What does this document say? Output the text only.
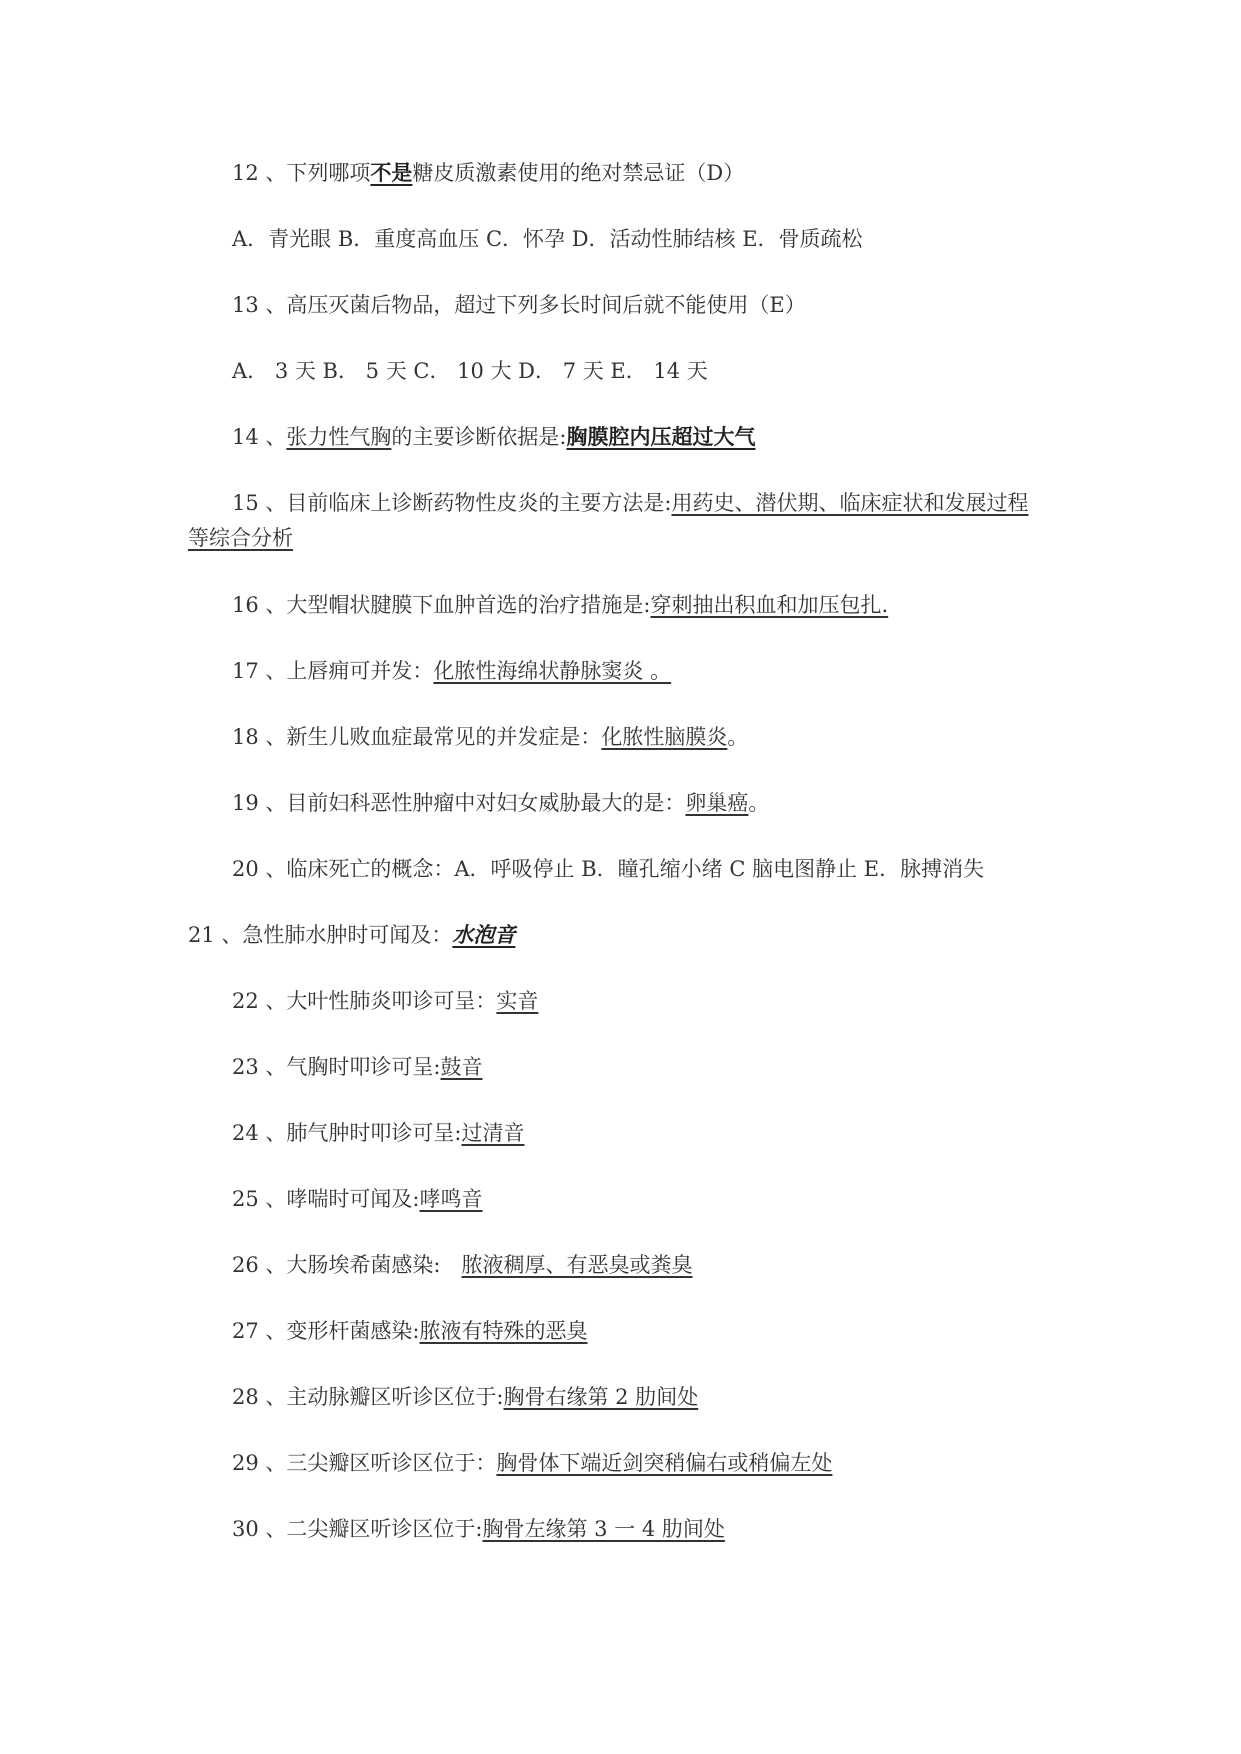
12 、下列哪项不是糖皮质激素使用的绝对禁忌证（D）
A．青光眼 B．重度高血压 C．怀孕 D．活动性肺结核 E．骨质疏松
13 、高压灭菌后物品，超过下列多长时间后就不能使用（E）
A． 3 天 B． 5 天 C． 10 大 D． 7 天 E． 14 天
14 、张力性气胸的主要诊断依据是:胸膜腔内压超过大气
15 、目前临床上诊断药物性皮炎的主要方法是:用药史、潜伏期、临床症状和发展过程
等综合分析
16 、大型帽状腱膜下血肿首选的治疗措施是:穿刺抽出积血和加压包扎.
17 、上唇痈可并发：化脓性海绵状静脉窦炎 。
18 、新生儿败血症最常见的并发症是：化脓性脑膜炎。
19 、目前妇科恶性肿瘤中对妇女威胁最大的是：卵巢癌。
20 、临床死亡的概念：A．呼吸停止 B．瞳孔缩小绪 C 脑电图静止 E．脉搏消失
21 、急性肺水肿时可闻及：水泡音
22 、大叶性肺炎叩诊可呈：实音
23 、气胸时叩诊可呈:鼓音
24 、肺气肿时叩诊可呈:过清音
25 、哮喘时可闻及:哮鸣音
26 、大肠埃希菌感染:　脓液稠厚、有恶臭或粪臭
27 、变形杆菌感染:脓液有特殊的恶臭
28 、主动脉瓣区听诊区位于:胸骨右缘第 2 肋间处
29 、三尖瓣区听诊区位于：胸骨体下端近剑突稍偏右或稍偏左处
30 、二尖瓣区听诊区位于:胸骨左缘第 3 一 4 肋间处
